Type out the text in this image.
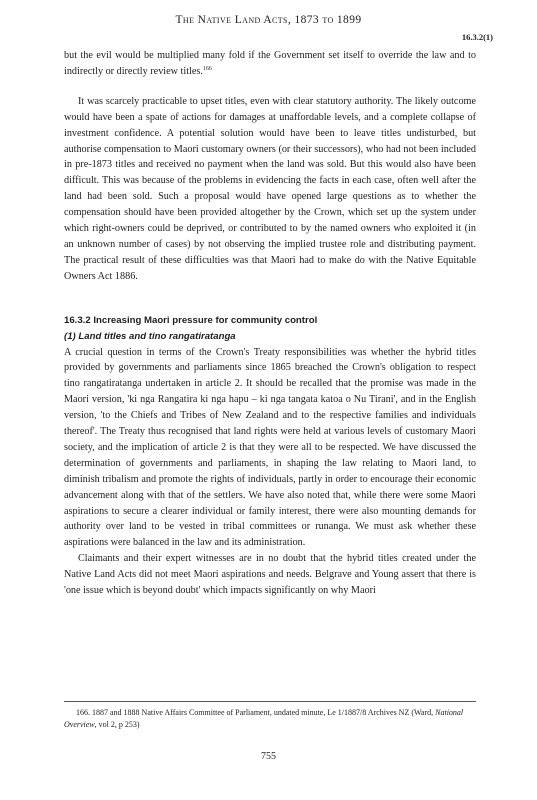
The Native Land Acts, 1873 to 1899
16.3.2(1)

but the evil would be multiplied many fold if the Government set itself to override the law and to indirectly or directly review titles.$^{166}$

It was scarcely practicable to upset titles, even with clear statutory authority. The likely outcome would have been a spate of actions for damages at unaffordable levels, and a complete collapse of investment confidence. A potential solution would have been to leave titles undisturbed, but authorise compensation to Maori customary owners (or their successors), who had not been included in pre-1873 titles and received no payment when the land was sold. But this would also have been difficult. This was because of the problems in evidencing the facts in each case, often well after the land had been sold. Such a proposal would have opened large questions as to whether the compensation should have been provided altogether by the Crown, which set up the system under which right-owners could be deprived, or contributed to by the named owners who exploited it (in an unknown number of cases) by not observing the implied trustee role and distributing payment. The practical result of these difficulties was that Maori had to make do with the Native Equitable Owners Act 1886.

16.3.2 Increasing Maori pressure for community control

(1) Land titles and tino rangatiratanga

A crucial question in terms of the Crown's Treaty responsibilities was whether the hybrid titles provided by governments and parliaments since 1865 breached the Crown's obligation to respect tino rangatiratanga undertaken in article 2. It should be recalled that the promise was made in the Maori version, 'ki nga Rangatira ki nga hapu – ki nga tangata katoa o Nu Tirani', and in the English version, 'to the Chiefs and Tribes of New Zealand and to the respective families and individuals thereof'. The Treaty thus recognised that land rights were held at various levels of customary Maori society, and the implication of article 2 is that they were all to be respected. We have discussed the determination of governments and parliaments, in shaping the law relating to Maori land, to diminish tribalism and promote the rights of individuals, partly in order to encourage their economic advancement along with that of the settlers. We have also noted that, while there were some Maori aspirations to secure a clearer individual or family interest, there were also mounting demands for authority over land to be vested in tribal committees or runanga. We must ask whether these aspirations were balanced in the law and its administration.

Claimants and their expert witnesses are in no doubt that the hybrid titles created under the Native Land Acts did not meet Maori aspirations and needs. Belgrave and Young assert that there is 'one issue which is beyond doubt' which impacts significantly on why Maori

166. 1887 and 1888 Native Affairs Committee of Parliament, undated minute, Le 1/1887/8 Archives NZ (Ward, National Overview, vol 2, p 253)
755
